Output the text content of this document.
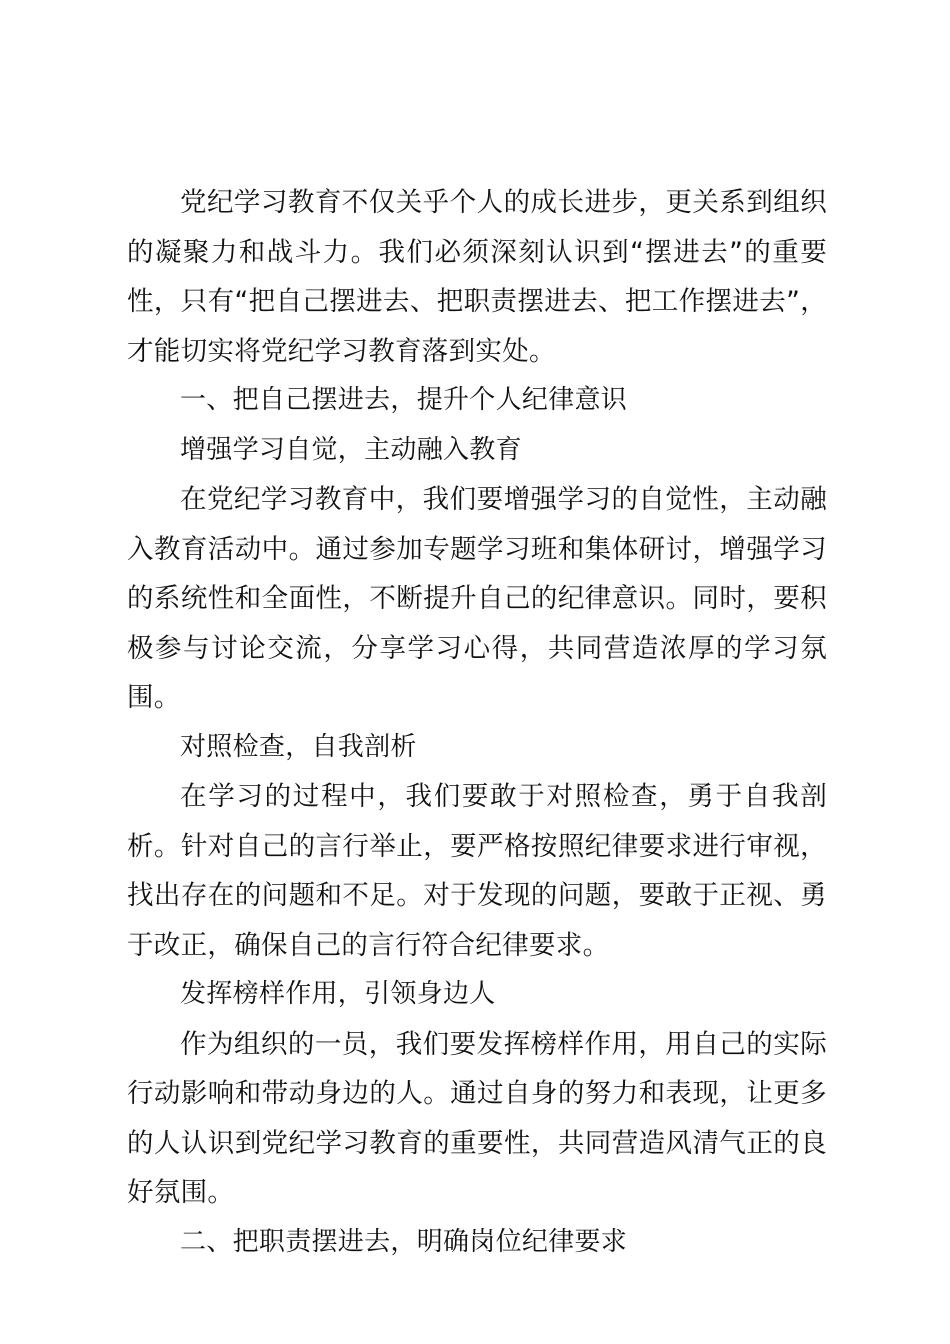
党纪学习教育不仅关乎个人的成长进步，更关系到组织的凝聚力和战斗力。我们必须深刻认识到“摆进去”的重要性，只有“把自己摆进去、把职责摆进去、把工作摆进去”，才能切实将党纪学习教育落到实处。

一、把自己摆进去，提升个人纪律意识

增强学习自觉，主动融入教育

在党纪学习教育中，我们要增强学习的自觉性，主动融入教育活动中。通过参加专题学习班和集体研讨，增强学习的系统性和全面性，不断提升自己的纪律意识。同时，要积极参与讨论交流，分享学习心得，共同营造浓厚的学习氛围。

对照检查，自我剖析

在学习的过程中，我们要敢于对照检查，勇于自我剖析。针对自己的言行举止，要严格按照纪律要求进行审视，找出存在的问题和不足。对于发现的问题，要敢于正视、勇于改正，确保自己的言行符合纪律要求。

发挥榜样作用，引领身边人

作为组织的一员，我们要发挥榜样作用，用自己的实际行动影响和带动身边的人。通过自身的努力和表现，让更多的人认识到党纪学习教育的重要性，共同营造风清气正的良好氛围。

二、把职责摆进去，明确岗位纪律要求
